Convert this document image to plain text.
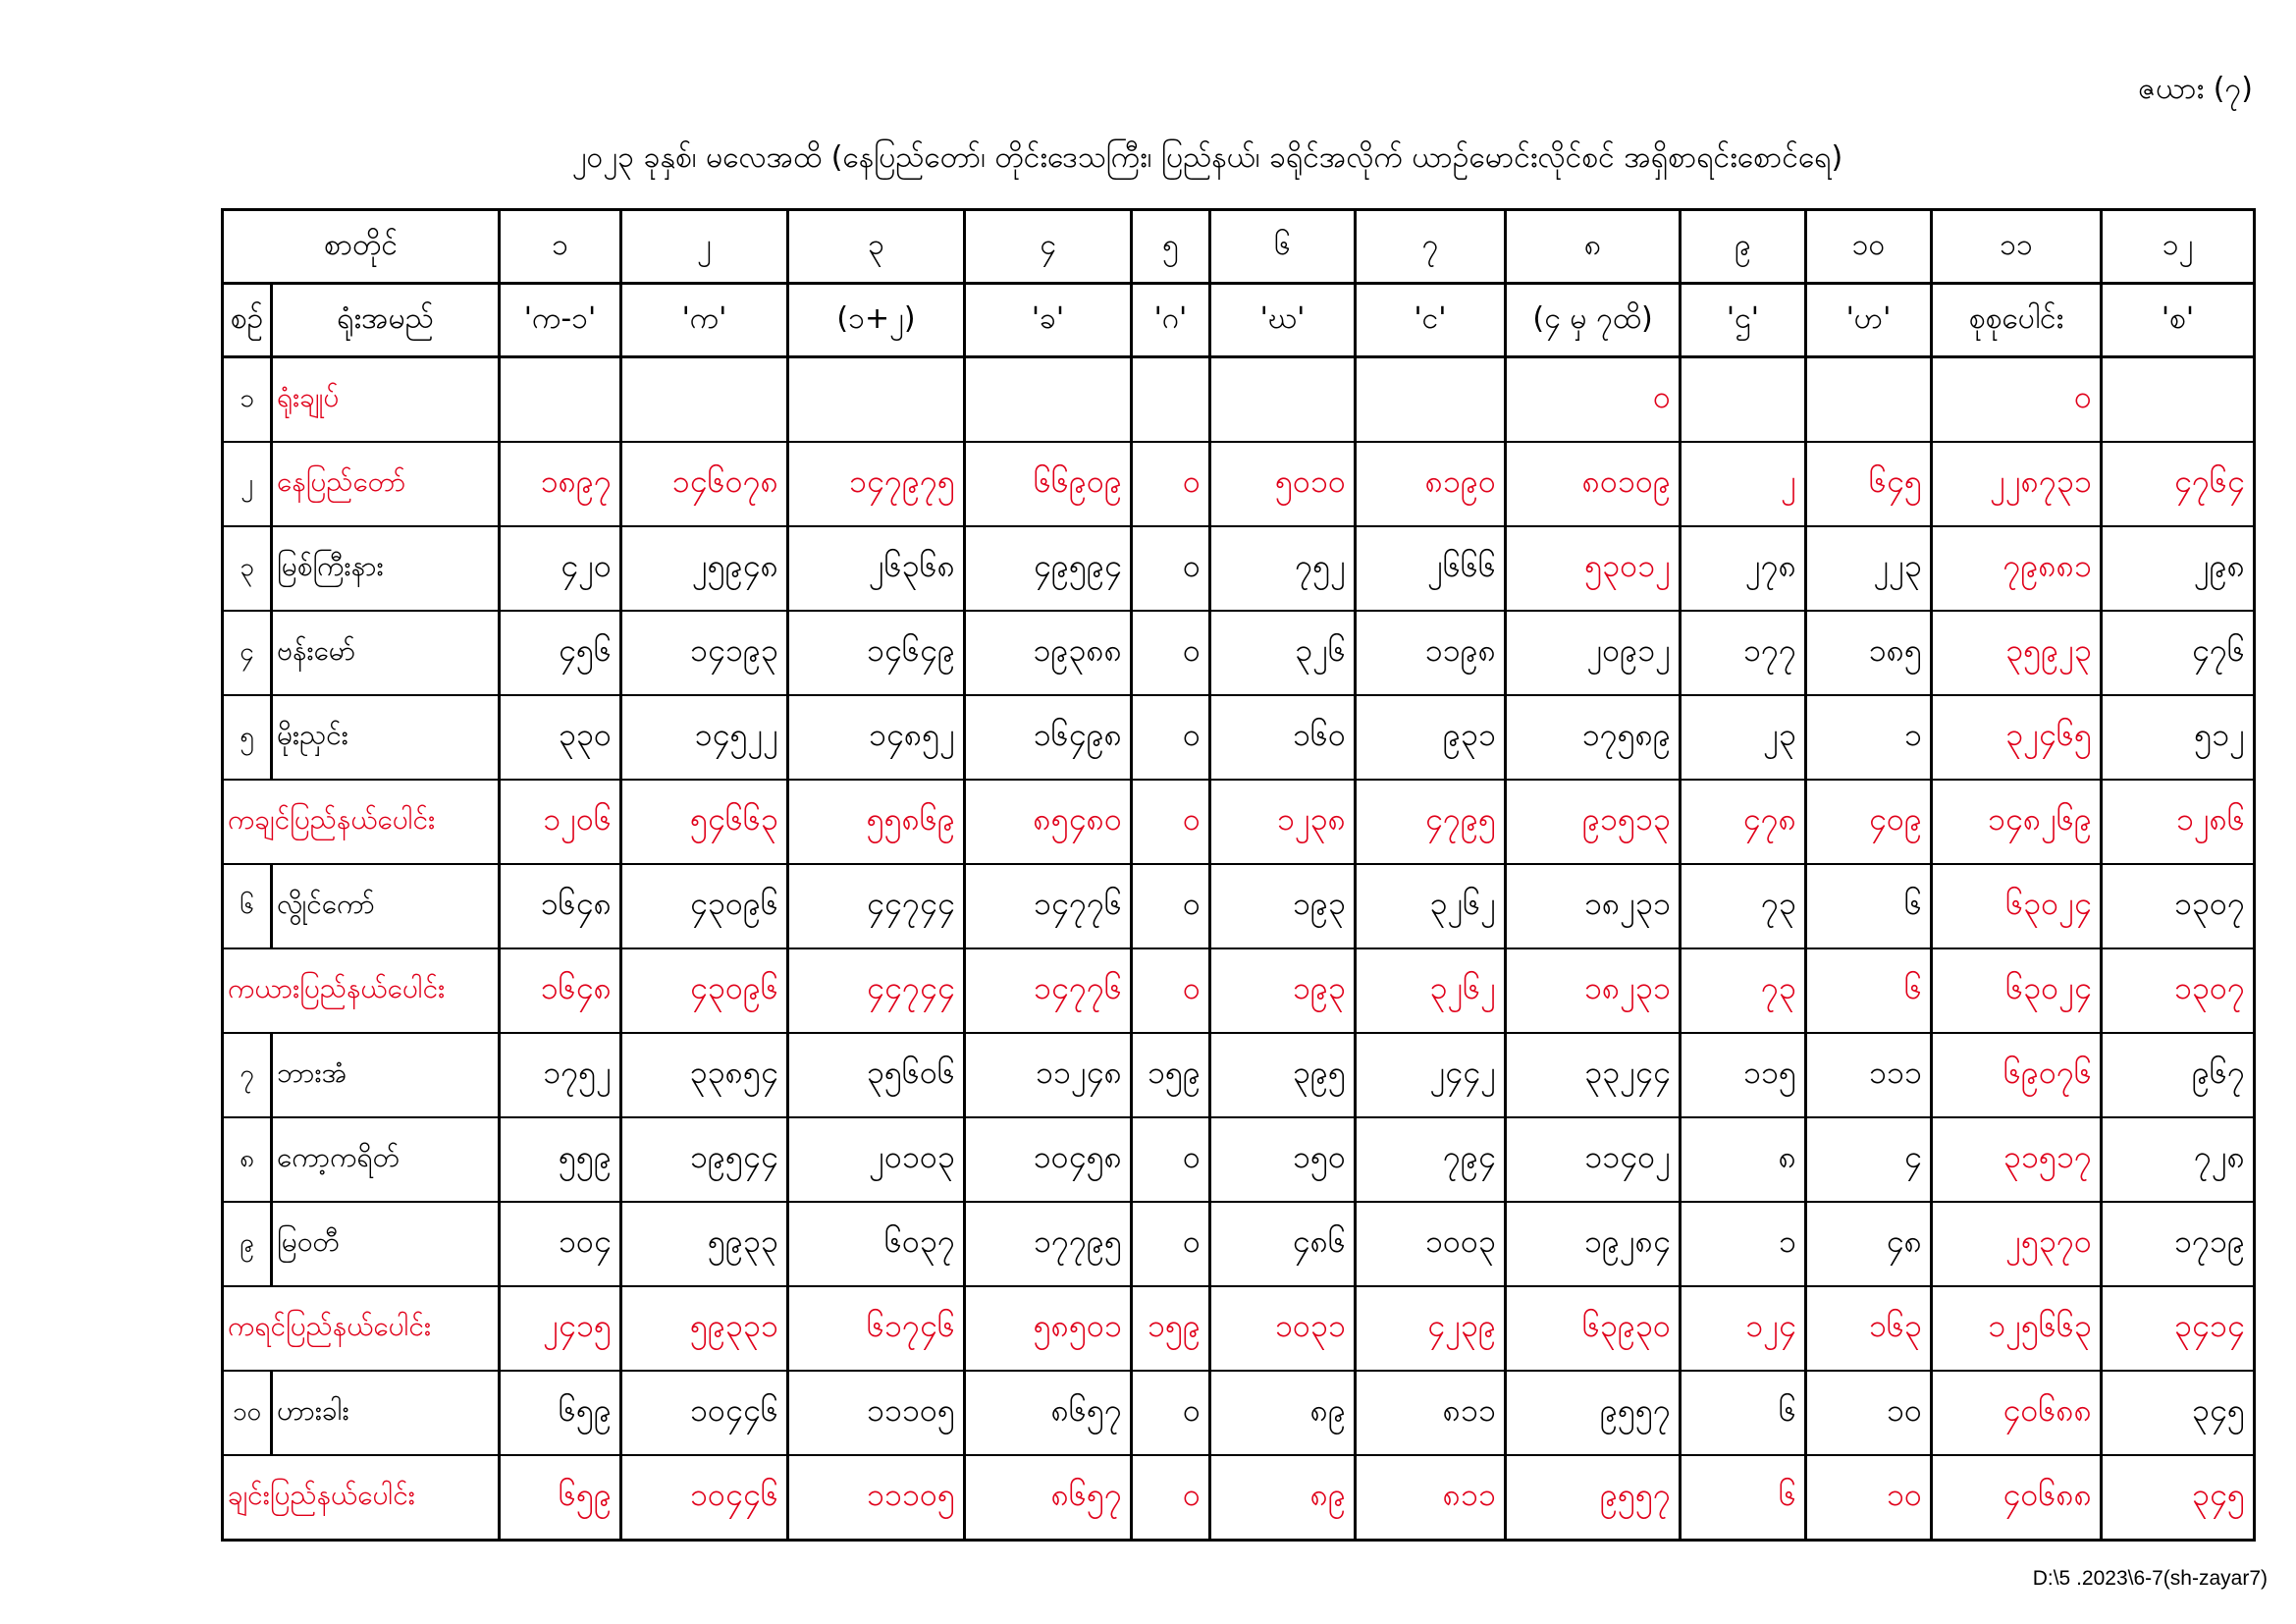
ဇယား (၇)
၂၀၂၃ ခုနှစ်၊ မလေအထိ (နေပြည်တော်၊ တိုင်းဒေသကြီး၊ ပြည်နယ်၊ ခရိုင်အလိုက် ယာဉ်မောင်းလိုင်စင် အရှိစာရင်းစောင်ရေ)
စာတိုင်		၁	၂	၃	၄	၅	၆	၇	၈	၉	၁၀	၁၁	၁၂
စဉ်	ရုံးအမည်	'က-၁'	'က'	(၁+၂)	'ခ'	'ဂ'	'ဃ'	'င'	(၄ မှ ၇ထိ)	'ဌ'	'ဟ'	စုစုပေါင်း	'စ'
၁	ရုံးချုပ်								၀			၀	
၂	နေပြည်တော်	၁၈၉၇	၁၄၆၀၇၈	၁၄၇၉၇၅	၆၆၉၀၉	၀	၅၀၁၀	၈၁၉၀	၈၀၁၀၉	၂	၆၄၅	၂၂၈၇၃၁	၄၇၆၄
၃	မြစ်ကြီးနား	၄၂၀	၂၅၉၄၈	၂၆၃၆၈	၄၉၅၉၄	၀	၇၅၂	၂၆၆၆	၅၃၀၁၂	၂၇၈	၂၂၃	၇၉၈၈၁	၂၉၈
၄	ဗန်းမော်	၄၅၆	၁၄၁၉၃	၁၄၆၄၉	၁၉၃၈၈	၀	၃၂၆	၁၁၉၈	၂၀၉၁၂	၁၇၇	၁၈၅	၃၅၉၂၃	၄၇၆
၅	မိုးညှင်း	၃၃၀	၁၄၅၂၂	၁၄၈၅၂	၁၆၄၉၈	၀	၁၆၀	၉၃၁	၁၇၅၈၉	၂၃	၁	၃၂၄၆၅	၅၁၂
ကချင်ပြည်နယ်ပေါင်း		၁၂၀၆	၅၄၆၆၃	၅၅၈၆၉	၈၅၄၈၀	၀	၁၂၃၈	၄၇၉၅	၉၁၅၁၃	၄၇၈	၄၀၉	၁၄၈၂၆၉	၁၂၈၆
၆	လွိုင်ကော်	၁၆၄၈	၄၃၀၉၆	၄၄၇၄၄	၁၄၇၇၆	၀	၁၉၃	၃၂၆၂	၁၈၂၃၁	၇၃	၆	၆၃၀၂၄	၁၃၀၇
ကယားပြည်နယ်ပေါင်း		၁၆၄၈	၄၃၀၉၆	၄၄၇၄၄	၁၄၇၇၆	၀	၁၉၃	၃၂၆၂	၁၈၂၃၁	၇၃	၆	၆၃၀၂၄	၁၃၀၇
၇	ဘားအံ	၁၇၅၂	၃၃၈၅၄	၃၅၆၀၆	၁၁၂၄၈	၁၅၉	၃၉၅	၂၄၄၂	၃၃၂၄၄	၁၁၅	၁၁၁	၆၉၀၇၆	၉၆၇
၈	ကော့ကရိတ်	၅၅၉	၁၉၅၄၄	၂၀၁၀၃	၁၀၄၅၈	၀	၁၅၀	၇၉၄	၁၁၄၀၂	၈	၄	၃၁၅၁၇	၇၂၈
၉	မြဝတီ	၁၀၄	၅၉၃၃	၆၀၃၇	၁၇၇၉၅	၀	၄၈၆	၁၀၀၃	၁၉၂၈၄	၁	၄၈	၂၅၃၇၀	၁၇၁၉
ကရင်ပြည်နယ်ပေါင်း		၂၄၁၅	၅၉၃၃၁	၆၁၇၄၆	၅၈၅၀၁	၁၅၉	၁၀၃၁	၄၂၃၉	၆၃၉၃၀	၁၂၄	၁၆၃	၁၂၅၆၆၃	၃၄၁၄
၁၀	ဟားခါး	၆၅၉	၁၀၄၄၆	၁၁၁၀၅	၈၆၅၇	၀	၈၉	၈၁၁	၉၅၅၇	၆	၁၀	၄၀၆၈၈	၃၄၅
ချင်းပြည်နယ်ပေါင်း		၆၅၉	၁၀၄၄၆	၁၁၁၀၅	၈၆၅၇	၀	၈၉	၈၁၁	၉၅၅၇	၆	၁၀	၄၀၆၈၈	၃၄၅
D:\5 .2023\6-7(sh-zayar7)
